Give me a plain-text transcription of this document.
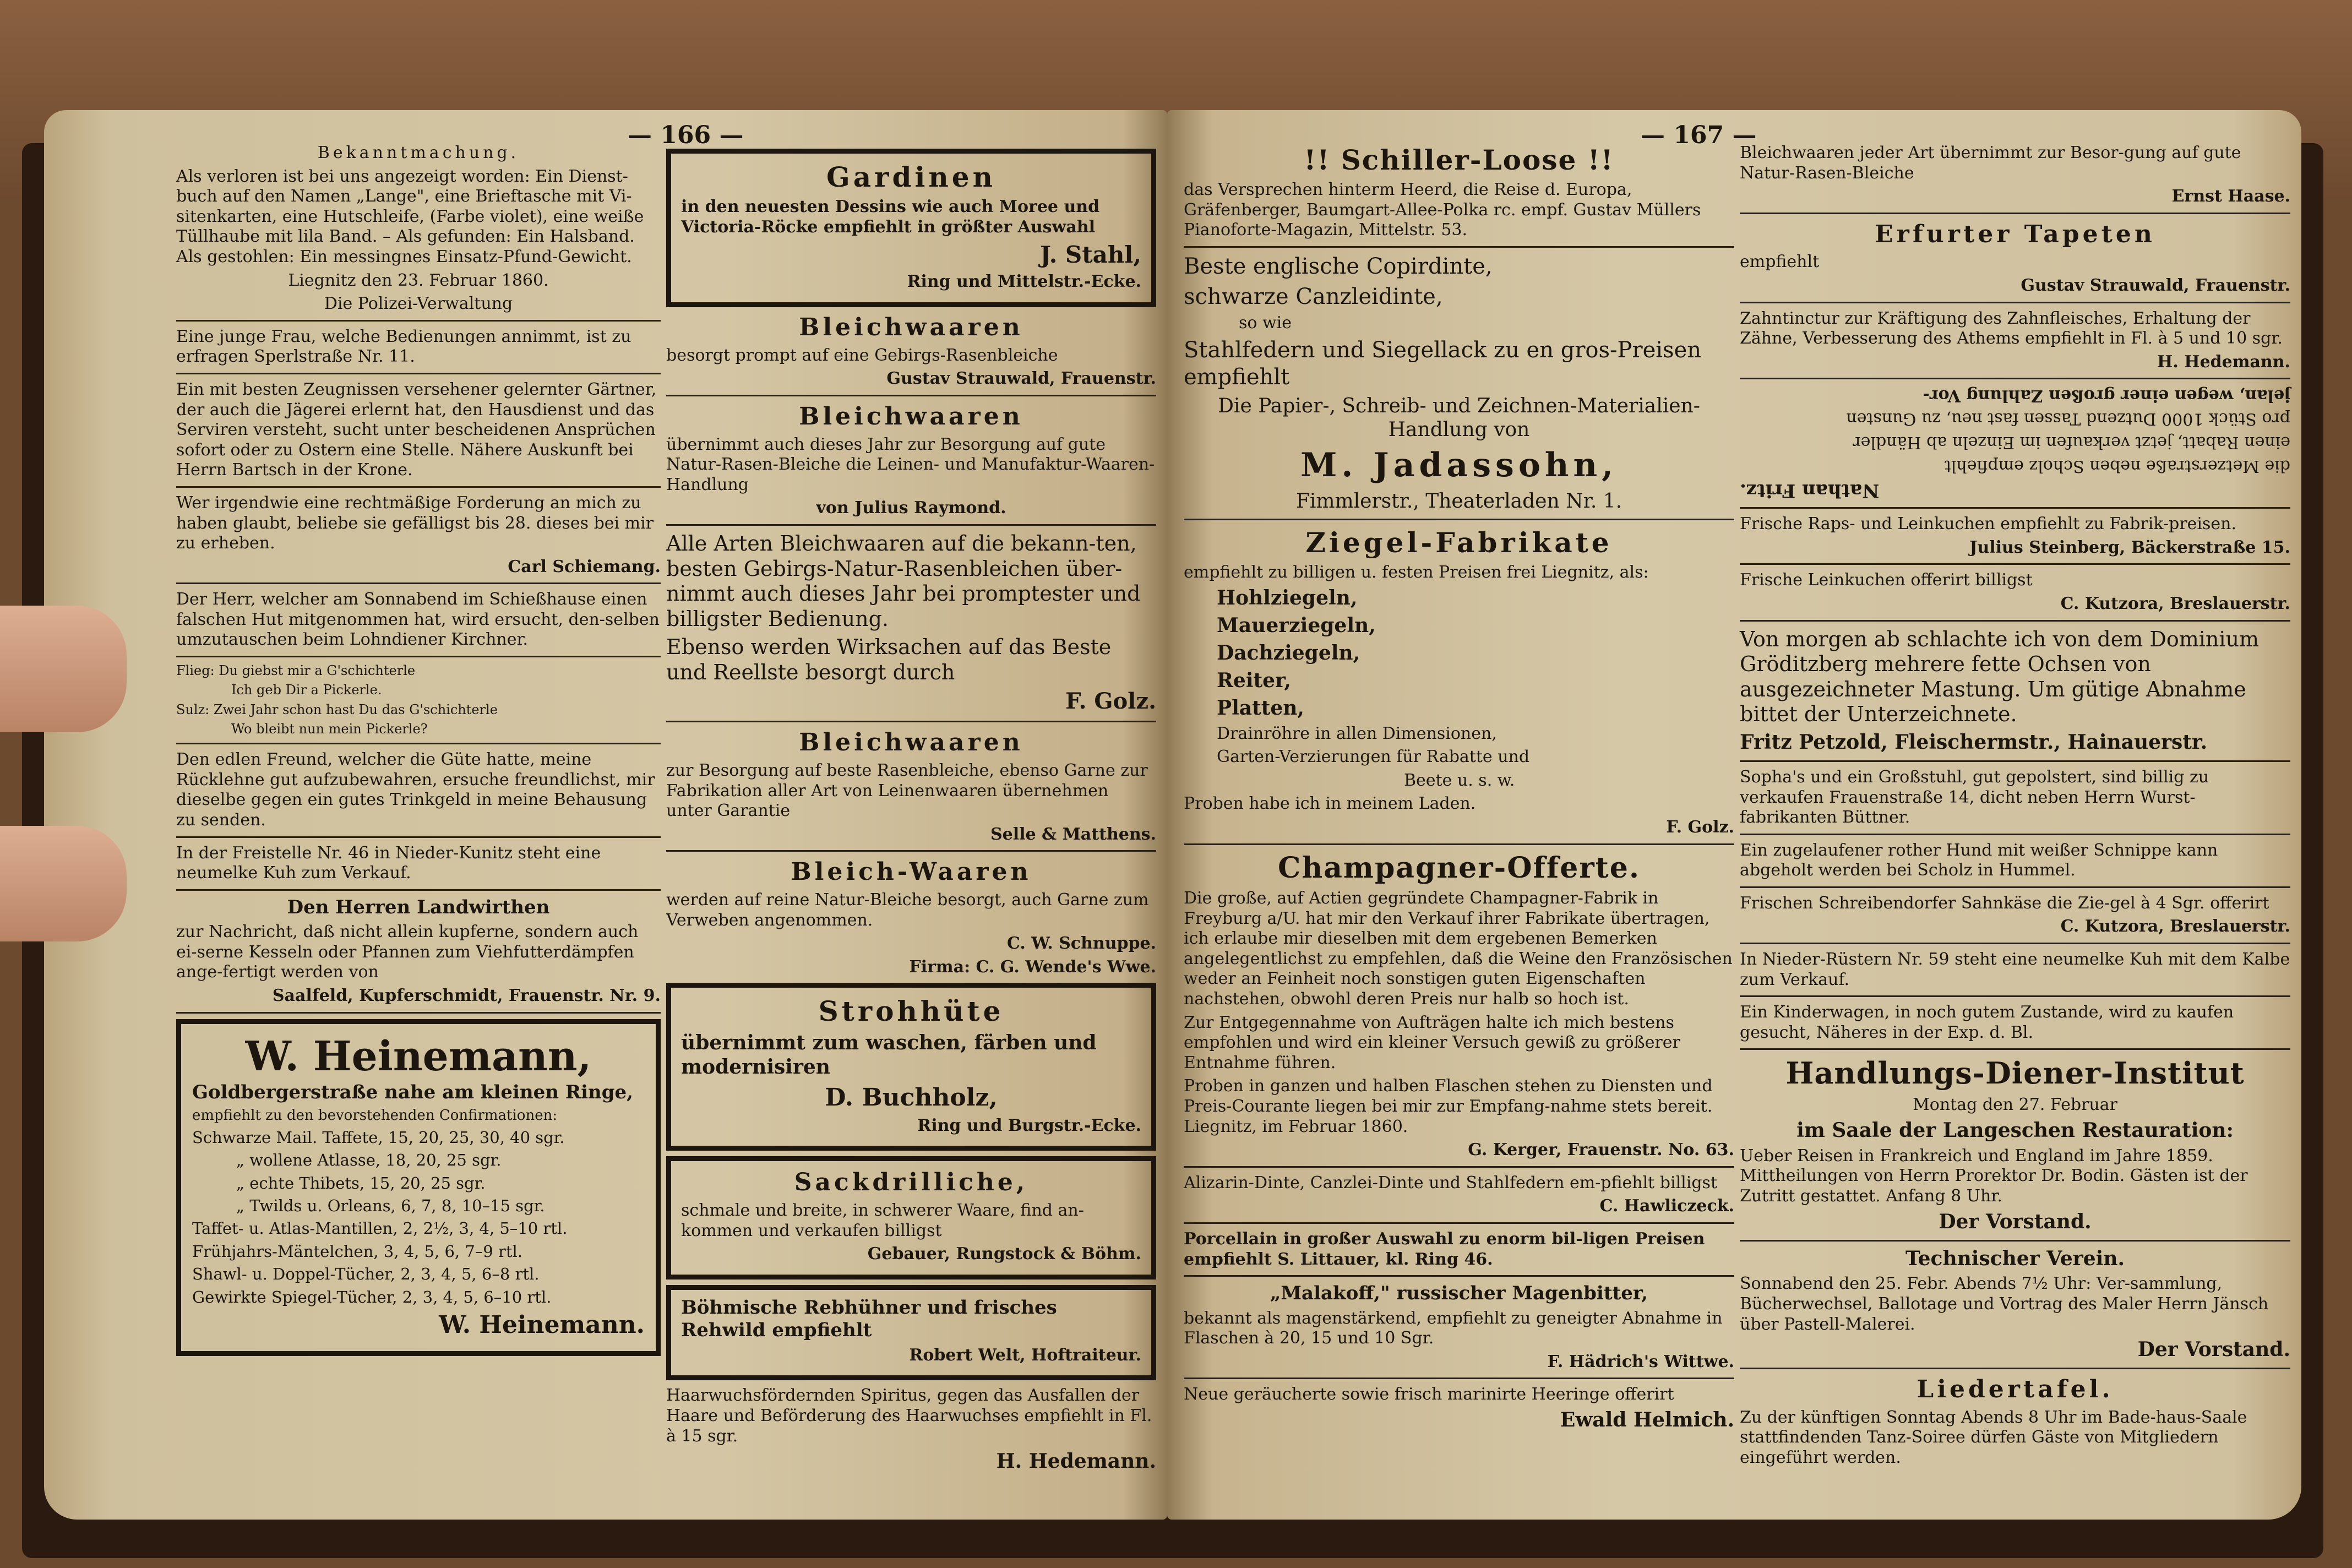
— 166 —

Bekanntmachung.

Als verloren ist bei uns angezeigt worden: Ein Dienst-buch auf den Namen „Lange", eine Brieftasche mit Vi-sitenkarten, eine Hutschleife, (Farbe violet), eine weiße Tüllhaube mit lila Band. – Als gefunden: Ein Halsband. Als gestohlen: Ein messingnes Einsatz-Pfund-Gewicht.

Liegnitz den 23. Februar 1860.

Die Polizei-Verwaltung

Eine junge Frau, welche Bedienungen annimmt, ist zu erfragen Sperlstraße Nr. 11.

Ein mit besten Zeugnissen versehener gelernter Gärtner, der auch die Jägerei erlernt hat, den Hausdienst und das Serviren versteht, sucht unter bescheidenen Ansprüchen sofort oder zu Ostern eine Stelle. Nähere Auskunft bei Herrn Bartsch in der Krone.

Wer irgendwie eine rechtmäßige Forderung an mich zu haben glaubt, beliebe sie gefälligst bis 28. dieses bei mir zu erheben.

Carl Schiemang.

Der Herr, welcher am Sonnabend im Schießhause einen falschen Hut mitgenommen hat, wird ersucht, den-selben umzutauschen beim Lohndiener Kirchner.

Flieg: Du giebst mir a G'schichterle

Ich geb Dir a Pickerle.

Sulz: Zwei Jahr schon hast Du das G'schichterle

Wo bleibt nun mein Pickerle?

Den edlen Freund, welcher die Güte hatte, meine Rücklehne gut aufzubewahren, ersuche freundlichst, mir dieselbe gegen ein gutes Trinkgeld in meine Behausung zu senden.

In der Freistelle Nr. 46 in Nieder-Kunitz steht eine neumelke Kuh zum Verkauf.

Den Herren Landwirthen

zur Nachricht, daß nicht allein kupferne, sondern auch ei-serne Kesseln oder Pfannen zum Viehfutterdämpfen ange-fertigt werden von

Saalfeld, Kupferschmidt, Frauenstr. Nr. 9.

W. Heinemann,

Goldbergerstraße nahe am kleinen Ringe,

empfiehlt zu den bevorstehenden Confirmationen:

Schwarze Mail. Taffete, 15, 20, 25, 30, 40 sgr.

„ wollene Atlasse, 18, 20, 25 sgr.

„ echte Thibets, 15, 20, 25 sgr.

„ Twilds u. Orleans, 6, 7, 8, 10–15 sgr.

Taffet- u. Atlas-Mantillen, 2, 2½, 3, 4, 5–10 rtl.

Frühjahrs-Mäntelchen, 3, 4, 5, 6, 7–9 rtl.

Shawl- u. Doppel-Tücher, 2, 3, 4, 5, 6–8 rtl.

Gewirkte Spiegel-Tücher, 2, 3, 4, 5, 6–10 rtl.

W. Heinemann.

Gardinen

in den neuesten Dessins wie auch Moree und Victoria-Röcke empfiehlt in größter Auswahl

J. Stahl,

Ring und Mittelstr.-Ecke.

Bleichwaaren

besorgt prompt auf eine Gebirgs-Rasenbleiche

Gustav Strauwald, Frauenstr.

Bleichwaaren

übernimmt auch dieses Jahr zur Besorgung auf gute Natur-Rasen-Bleiche die Leinen- und Manufaktur-Waaren-Handlung

von Julius Raymond.

Alle Arten Bleichwaaren auf die bekann-ten, besten Gebirgs-Natur-Rasenbleichen über-nimmt auch dieses Jahr bei promptester und billigster Bedienung.

Ebenso werden Wirksachen auf das Beste und Reellste besorgt durch

F. Golz.

Bleichwaaren

zur Besorgung auf beste Rasenbleiche, ebenso Garne zur Fabrikation aller Art von Leinenwaaren übernehmen unter Garantie

Selle & Matthens.

Bleich-Waaren

werden auf reine Natur-Bleiche besorgt, auch Garne zum Verweben angenommen.

C. W. Schnuppe.

Firma: C. G. Wende's Wwe.

Strohhüte

übernimmt zum waschen, färben und modernisiren

D. Buchholz,

Ring und Burgstr.-Ecke.

Sackdrilliche,

schmale und breite, in schwerer Waare, find an-kommen und verkaufen billigst

Gebauer, Rungstock & Böhm.

Böhmische Rebhühner und frisches Rehwild empfiehlt

Robert Welt, Hoftraiteur.

Haarwuchsfördernden Spiritus, gegen das Ausfallen der Haare und Beförderung des Haarwuchses empfiehlt in Fl. à 15 sgr.

H. Hedemann.

— 167 —

!! Schiller-Loose !!

das Versprechen hinterm Heerd, die Reise d. Europa, Gräfenberger, Baumgart-Allee-Polka rc. empf. Gustav Müllers Pianoforte-Magazin, Mittelstr. 53.

Beste englische Copirdinte,

schwarze Canzleidinte,

so wie

Stahlfedern und Siegellack zu en gros-Preisen empfiehlt

Die Papier-, Schreib- und Zeichnen-Materialien-Handlung von

M. Jadassohn,

Fimmlerstr., Theaterladen Nr. 1.

Ziegel-Fabrikate

empfiehlt zu billigen u. festen Preisen frei Liegnitz, als:

Hohlziegeln,

Mauerziegeln,

Dachziegeln,

Reiter,

Platten,

Drainröhre in allen Dimensionen,

Garten-Verzierungen für Rabatte und

Beete u. s. w.

Proben habe ich in meinem Laden.

F. Golz.

Champagner-Offerte.

Die große, auf Actien gegründete Champagner-Fabrik in Freyburg a/U. hat mir den Verkauf ihrer Fabrikate übertragen, ich erlaube mir dieselben mit dem ergebenen Bemerken angelegentlichst zu empfehlen, daß die Weine den Französischen weder an Feinheit noch sonstigen guten Eigenschaften nachstehen, obwohl deren Preis nur halb so hoch ist.

Zur Entgegennahme von Aufträgen halte ich mich bestens empfohlen und wird ein kleiner Versuch gewiß zu größerer Entnahme führen.

Proben in ganzen und halben Flaschen stehen zu Diensten und Preis-Courante liegen bei mir zur Empfang-nahme stets bereit. Liegnitz, im Februar 1860.

G. Kerger, Frauenstr. No. 63.

Alizarin-Dinte, Canzlei-Dinte und Stahlfedern em-pfiehlt billigst

C. Hawliczeck.

Porcellain in großer Auswahl zu enorm bil-ligen Preisen empfiehlt S. Littauer, kl. Ring 46.

„Malakoff," russischer Magenbitter,

bekannt als magenstärkend, empfiehlt zu geneigter Abnahme in Flaschen à 20, 15 und 10 Sgr.

F. Hädrich's Wittwe.

Neue geräucherte sowie frisch marinirte Heeringe offerirt

Ewald Helmich.

Bleichwaaren jeder Art übernimmt zur Besor-gung auf gute Natur-Rasen-Bleiche

Ernst Haase.

Erfurter Tapeten

empfiehlt

Gustav Strauwald, Frauenstr.

Zahntinctur zur Kräftigung des Zahnfleisches, Erhaltung der Zähne, Verbesserung des Athems empfiehlt in Fl. à 5 und 10 sgr.

H. Hedemann.

Nathan Fritz.

die Metzerstraße neben Scholz empfiehlt

einen Rabatt, jetzt verkaufen im Einzeln ab Händler

pro Stück 1000 Dutzend Tassen fast neu, zu Gunsten

jelan, wegen einer großen Zahlung Vor-

Frische Raps- und Leinkuchen empfiehlt zu Fabrik-preisen.

Julius Steinberg, Bäckerstraße 15.

Frische Leinkuchen offerirt billigst

C. Kutzora, Breslauerstr.

Von morgen ab schlachte ich von dem Dominium Gröditzberg mehrere fette Ochsen von ausgezeichneter Mastung. Um gütige Abnahme bittet der Unterzeichnete.

Fritz Petzold, Fleischermstr., Hainauerstr.

Sopha's und ein Großstuhl, gut gepolstert, sind billig zu verkaufen Frauenstraße 14, dicht neben Herrn Wurst-fabrikanten Büttner.

Ein zugelaufener rother Hund mit weißer Schnippe kann abgeholt werden bei Scholz in Hummel.

Frischen Schreibendorfer Sahnkäse die Zie-gel à 4 Sgr. offerirt

C. Kutzora, Breslauerstr.

In Nieder-Rüstern Nr. 59 steht eine neumelke Kuh mit dem Kalbe zum Verkauf.

Ein Kinderwagen, in noch gutem Zustande, wird zu kaufen gesucht, Näheres in der Exp. d. Bl.

Handlungs-Diener-Institut

Montag den 27. Februar

im Saale der Langeschen Restauration:

Ueber Reisen in Frankreich und England im Jahre 1859. Mittheilungen von Herrn Prorektor Dr. Bodin. Gästen ist der Zutritt gestattet. Anfang 8 Uhr.

Der Vorstand.

Technischer Verein.

Sonnabend den 25. Febr. Abends 7½ Uhr: Ver-sammlung, Bücherwechsel, Ballotage und Vortrag des Maler Herrn Jänsch über Pastell-Malerei.

Der Vorstand.

Liedertafel.

Zu der künftigen Sonntag Abends 8 Uhr im Bade-haus-Saale stattfindenden Tanz-Soiree dürfen Gäste von Mitgliedern eingeführt werden.
